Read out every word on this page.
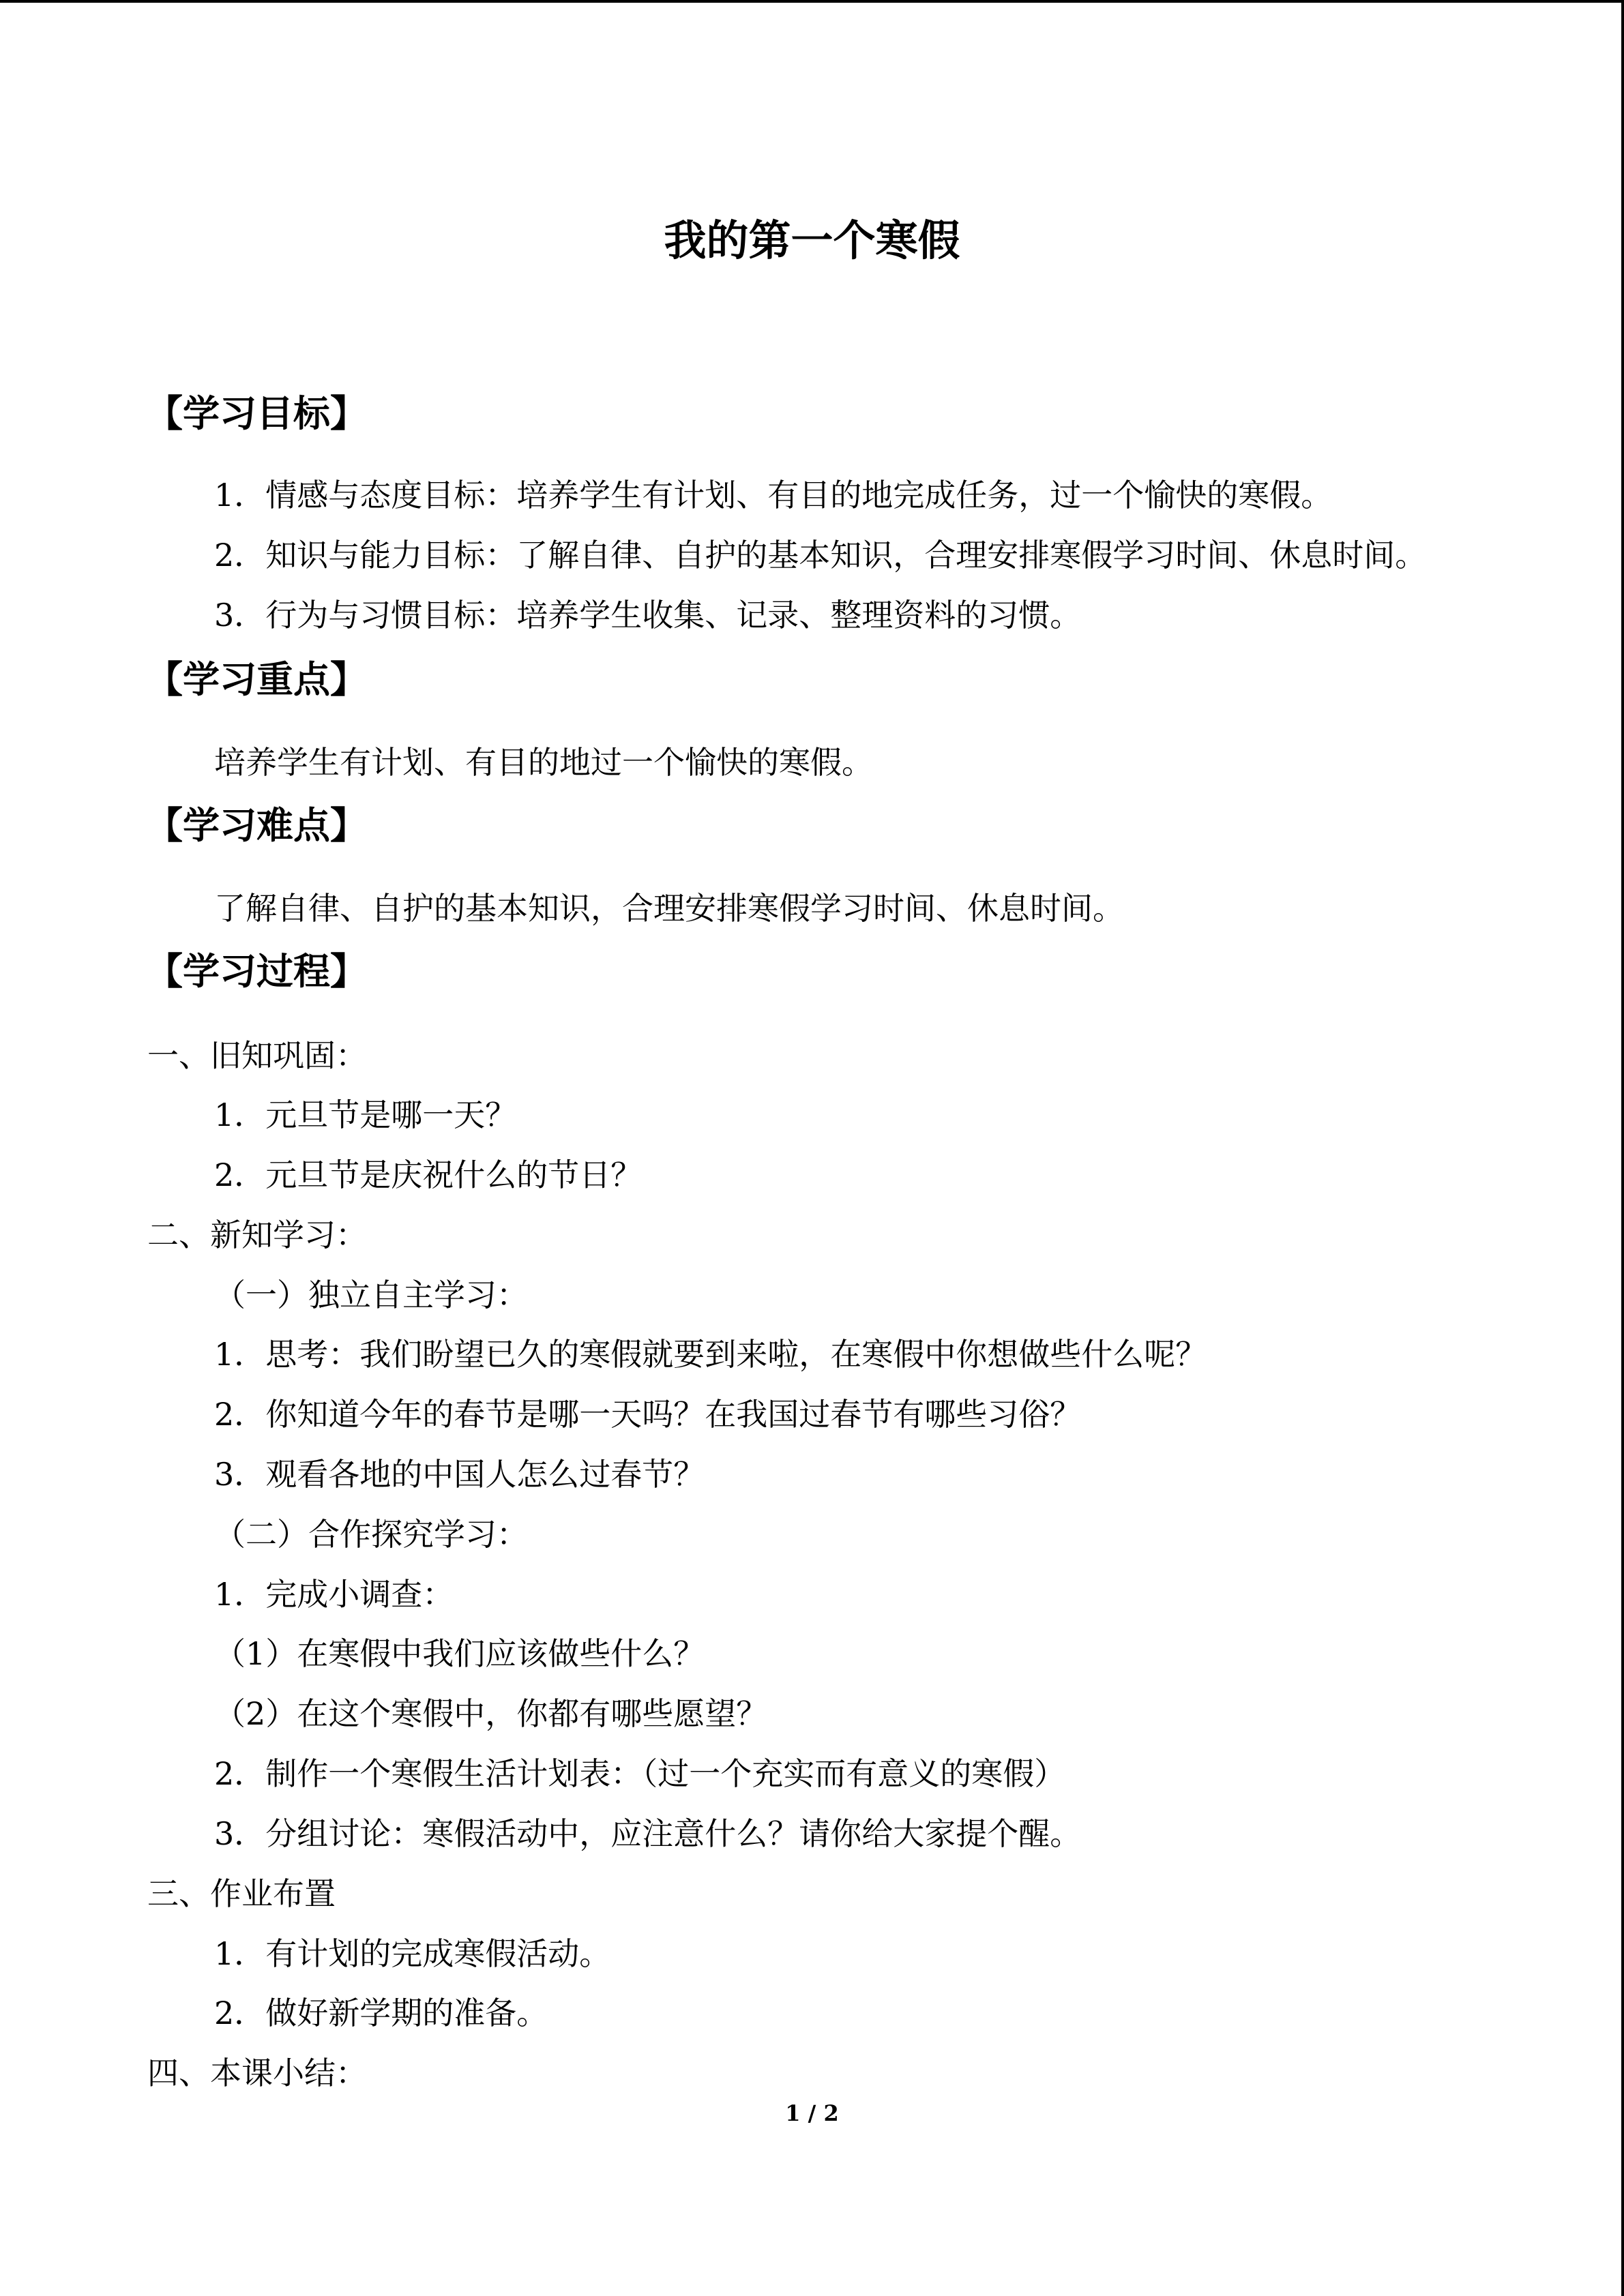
我的第一个寒假
【学习目标】
1．情感与态度目标：培养学生有计划、有目的地完成任务，过一个愉快的寒假。
2．知识与能力目标：了解自律、自护的基本知识，合理安排寒假学习时间、休息时间。
3．行为与习惯目标：培养学生收集、记录、整理资料的习惯。
【学习重点】
培养学生有计划、有目的地过一个愉快的寒假。
【学习难点】
了解自律、自护的基本知识，合理安排寒假学习时间、休息时间。
【学习过程】
一、旧知巩固：
1．元旦节是哪一天？
2．元旦节是庆祝什么的节日？
二、新知学习：
（一）独立自主学习：
1．思考：我们盼望已久的寒假就要到来啦，在寒假中你想做些什么呢？
2．你知道今年的春节是哪一天吗？在我国过春节有哪些习俗？
3．观看各地的中国人怎么过春节？
（二）合作探究学习：
1．完成小调查：
（1）在寒假中我们应该做些什么？
（2）在这个寒假中，你都有哪些愿望？
2．制作一个寒假生活计划表：（过一个充实而有意义的寒假）
3．分组讨论：寒假活动中，应注意什么？请你给大家提个醒。
三、作业布置
1．有计划的完成寒假活动。
2．做好新学期的准备。
四、本课小结：
1 / 2
